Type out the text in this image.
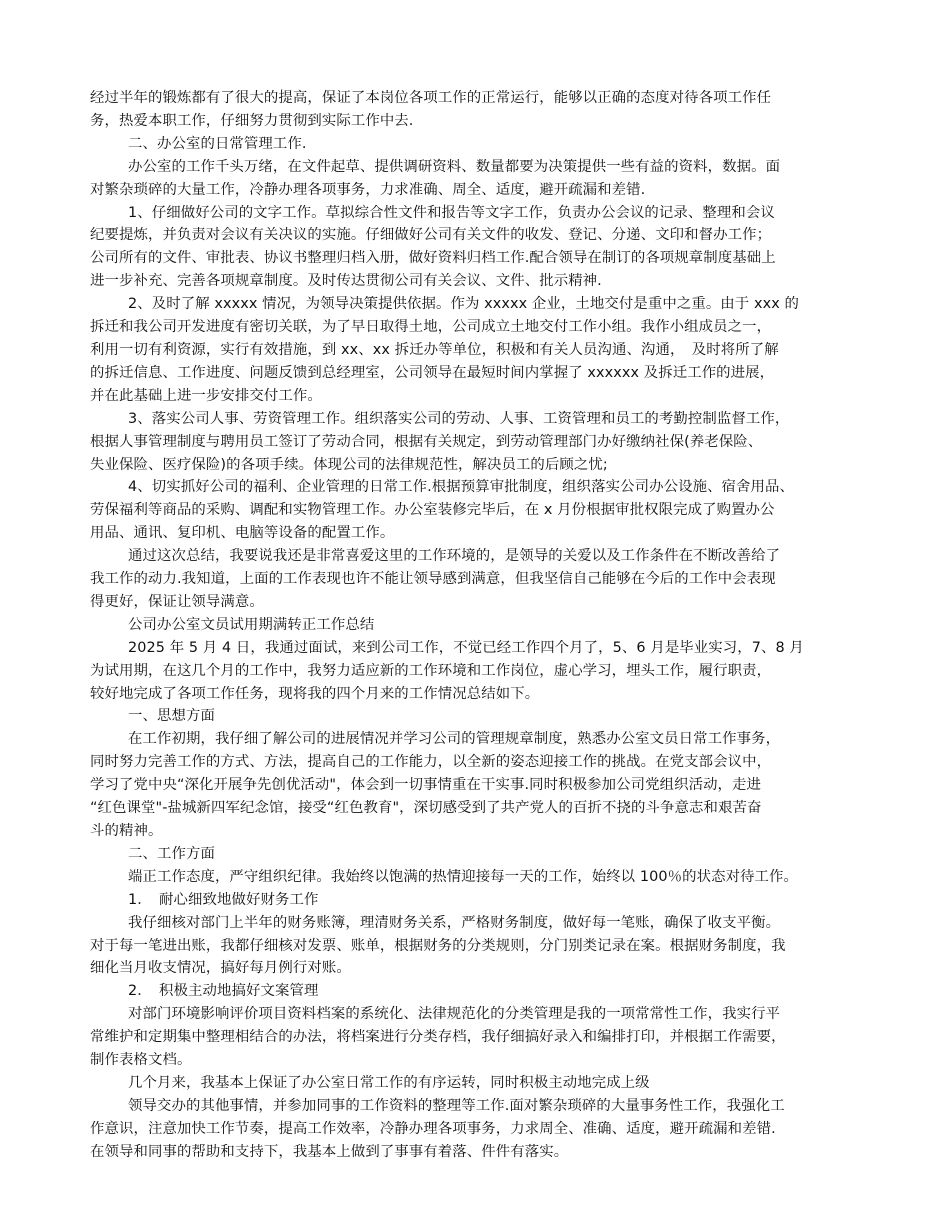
经过半年的锻炼都有了很大的提高，保证了本岗位各项工作的正常运行，能够以正确的态度对待各项工作任

务，热爱本职工作，仔细努力贯彻到实际工作中去.

二、办公室的日常管理工作.

办公室的工作千头万绪，在文件起草、提供调研资料、数量都要为决策提供一些有益的资料，数据。面

对繁杂琐碎的大量工作，冷静办理各项事务，力求准确、周全、适度，避开疏漏和差错.

1、仔细做好公司的文字工作。草拟综合性文件和报告等文字工作，负责办公会议的记录、整理和会议

纪要提炼，并负责对会议有关决议的实施。仔细做好公司有关文件的收发、登记、分递、文印和督办工作；

公司所有的文件、审批表、协议书整理归档入册，做好资料归档工作.配合领导在制订的各项规章制度基础上

进一步补充、完善各项规章制度。及时传达贯彻公司有关会议、文件、批示精神.

2、及时了解 xxxxx 情况，为领导决策提供依据。作为 xxxxx 企业，土地交付是重中之重。由于 xxx 的

拆迁和我公司开发进度有密切关联，为了早日取得土地，公司成立土地交付工作小组。我作小组成员之一，

利用一切有利资源，实行有效措施，到 xx、xx 拆迁办等单位，积极和有关人员沟通、沟通，　及时将所了解

的拆迁信息、工作进度、问题反馈到总经理室，公司领导在最短时间内掌握了 xxxxxx 及拆迁工作的进展，

并在此基础上进一步安排交付工作。

3、落实公司人事、劳资管理工作。组织落实公司的劳动、人事、工资管理和员工的考勤控制监督工作，

根据人事管理制度与聘用员工签订了劳动合同，根据有关规定，到劳动管理部门办好缴纳社保(养老保险、

失业保险、医疗保险)的各项手续。体现公司的法律规范性，解决员工的后顾之忧;

4、切实抓好公司的福利、企业管理的日常工作.根据预算审批制度，组织落实公司办公设施、宿舍用品、

劳保福利等商品的采购、调配和实物管理工作。办公室装修完毕后，在 x 月份根据审批权限完成了购置办公

用品、通讯、复印机、电脑等设备的配置工作。

通过这次总结，我要说我还是非常喜爱这里的工作环境的，是领导的关爱以及工作条件在不断改善给了

我工作的动力.我知道，上面的工作表现也许不能让领导感到满意，但我坚信自己能够在今后的工作中会表现

得更好，保证让领导满意。

公司办公室文员试用期满转正工作总结

2025 年 5 月 4 日，我通过面试，来到公司工作，不觉已经工作四个月了，5、6 月是毕业实习，7、8 月

为试用期，在这几个月的工作中，我努力适应新的工作环境和工作岗位，虚心学习，埋头工作，履行职责，

较好地完成了各项工作任务，现将我的四个月来的工作情况总结如下。

一、思想方面

在工作初期，我仔细了解公司的进展情况并学习公司的管理规章制度，熟悉办公室文员日常工作事务，

同时努力完善工作的方式、方法，提高自己的工作能力，以全新的姿态迎接工作的挑战。在党支部会议中，

学习了党中央“深化开展争先创优活动"，体会到一切事情重在干实事.同时积极参加公司党组织活动，走进

“红色课堂"-盐城新四军纪念馆，接受“红色教育"，深切感受到了共产党人的百折不挠的斗争意志和艰苦奋

斗的精神。

二、工作方面

端正工作态度，严守组织纪律。我始终以饱满的热情迎接每一天的工作，始终以 100％的状态对待工作。

1．　耐心细致地做好财务工作

我仔细核对部门上半年的财务账簿，理清财务关系，严格财务制度，做好每一笔账，确保了收支平衡。

对于每一笔进出账，我都仔细核对发票、账单，根据财务的分类规则，分门别类记录在案。根据财务制度，我

细化当月收支情况，搞好每月例行对账。

2．　积极主动地搞好文案管理

对部门环境影响评价项目资料档案的系统化、法律规范化的分类管理是我的一项常常性工作，我实行平

常维护和定期集中整理相结合的办法，将档案进行分类存档，我仔细搞好录入和编排打印，并根据工作需要，

制作表格文档。

几个月来，我基本上保证了办公室日常工作的有序运转，同时积极主动地完成上级

领导交办的其他事情，并参加同事的工作资料的整理等工作.面对繁杂琐碎的大量事务性工作，我强化工

作意识，注意加快工作节奏，提高工作效率，冷静办理各项事务，力求周全、准确、适度，避开疏漏和差错.

在领导和同事的帮助和支持下，我基本上做到了事事有着落、件件有落实。
